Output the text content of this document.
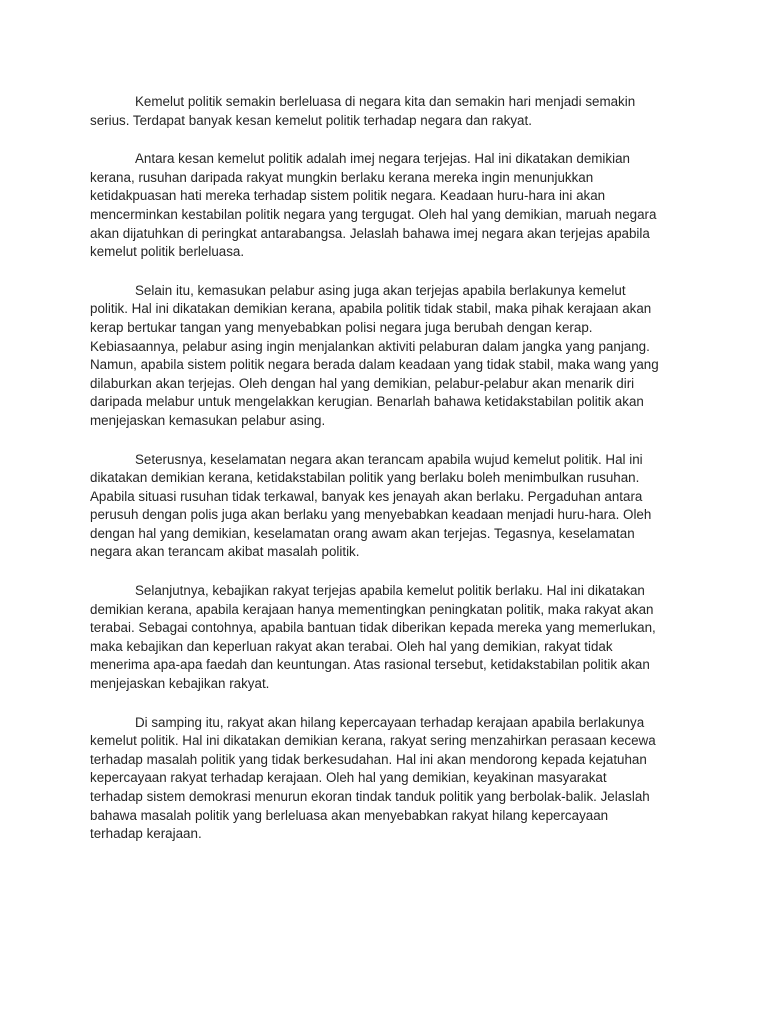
Kemelut politik semakin berleluasa di negara kita dan semakin hari menjadi semakin
serius. Terdapat banyak kesan kemelut politik terhadap negara dan rakyat.

Antara kesan kemelut politik adalah imej negara terjejas. Hal ini dikatakan demikian
kerana, rusuhan daripada rakyat mungkin berlaku kerana mereka ingin menunjukkan
ketidakpuasan hati mereka terhadap sistem politik negara. Keadaan huru-hara ini akan
mencerminkan kestabilan politik negara yang tergugat. Oleh hal yang demikian, maruah negara
akan dijatuhkan di peringkat antarabangsa. Jelaslah bahawa imej negara akan terjejas apabila
kemelut politik berleluasa.

Selain itu, kemasukan pelabur asing juga akan terjejas apabila berlakunya kemelut
politik. Hal ini dikatakan demikian kerana, apabila politik tidak stabil, maka pihak kerajaan akan
kerap bertukar tangan yang menyebabkan polisi negara juga berubah dengan kerap.
Kebiasaannya, pelabur asing ingin menjalankan aktiviti pelaburan dalam jangka yang panjang.
Namun, apabila sistem politik negara berada dalam keadaan yang tidak stabil, maka wang yang
dilaburkan akan terjejas. Oleh dengan hal yang demikian, pelabur-pelabur akan menarik diri
daripada melabur untuk mengelakkan kerugian. Benarlah bahawa ketidakstabilan politik akan
menjejaskan kemasukan pelabur asing.

Seterusnya, keselamatan negara akan terancam apabila wujud kemelut politik. Hal ini
dikatakan demikian kerana, ketidakstabilan politik yang berlaku boleh menimbulkan rusuhan.
Apabila situasi rusuhan tidak terkawal, banyak kes jenayah akan berlaku. Pergaduhan antara
perusuh dengan polis juga akan berlaku yang menyebabkan keadaan menjadi huru-hara. Oleh
dengan hal yang demikian, keselamatan orang awam akan terjejas. Tegasnya, keselamatan
negara akan terancam akibat masalah politik.

Selanjutnya, kebajikan rakyat terjejas apabila kemelut politik berlaku. Hal ini dikatakan
demikian kerana, apabila kerajaan hanya mementingkan peningkatan politik, maka rakyat akan
terabai. Sebagai contohnya, apabila bantuan tidak diberikan kepada mereka yang memerlukan,
maka kebajikan dan keperluan rakyat akan terabai. Oleh hal yang demikian, rakyat tidak
menerima apa-apa faedah dan keuntungan. Atas rasional tersebut, ketidakstabilan politik akan
menjejaskan kebajikan rakyat.

Di samping itu, rakyat akan hilang kepercayaan terhadap kerajaan apabila berlakunya
kemelut politik. Hal ini dikatakan demikian kerana, rakyat sering menzahirkan perasaan kecewa
terhadap masalah politik yang tidak berkesudahan. Hal ini akan mendorong kepada kejatuhan
kepercayaan rakyat terhadap kerajaan. Oleh hal yang demikian, keyakinan masyarakat
terhadap sistem demokrasi menurun ekoran tindak tanduk politik yang berbolak-balik. Jelaslah
bahawa masalah politik yang berleluasa akan menyebabkan rakyat hilang kepercayaan
terhadap kerajaan.
